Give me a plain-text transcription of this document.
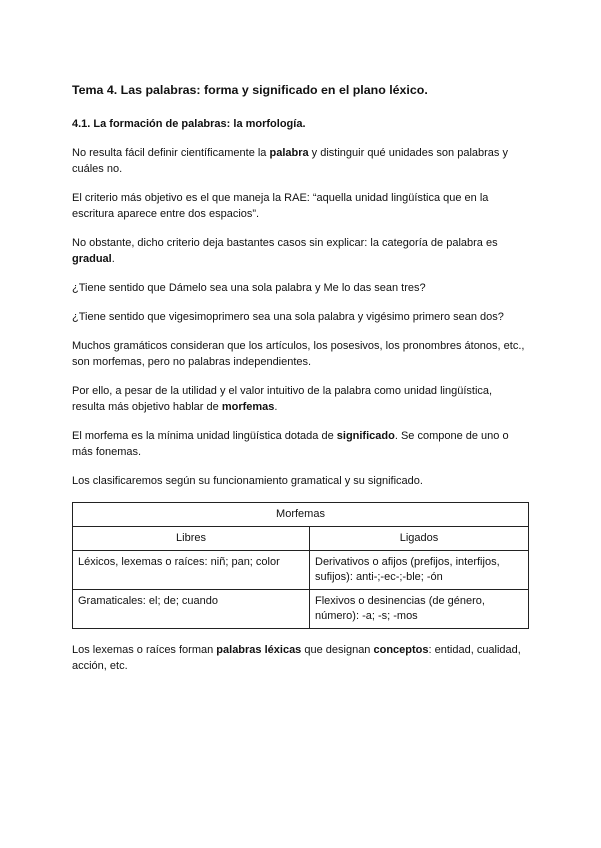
Tema 4. Las palabras: forma y significado en el plano léxico.
4.1. La formación de palabras: la morfología.

No resulta fácil definir científicamente la palabra y distinguir qué unidades son palabras y cuáles no.

El criterio más objetivo es el que maneja la RAE: “aquella unidad lingüística que en la escritura aparece entre dos espacios”.

No obstante, dicho criterio deja bastantes casos sin explicar: la categoría de palabra es gradual.

¿Tiene sentido que Dámelo sea una sola palabra y Me lo das sean tres?

¿Tiene sentido que vigesimoprimero sea una sola palabra y vigésimo primero sean dos?

Muchos gramáticos consideran que los artículos, los posesivos, los pronombres átonos, etc., son morfemas, pero no palabras independientes.

Por ello, a pesar de la utilidad y el valor intuitivo de la palabra como unidad lingüística, resulta más objetivo hablar de morfemas.

El morfema es la mínima unidad lingüística dotada de significado. Se compone de uno o más fonemas.

Los clasificaremos según su funcionamiento gramatical y su significado.

Morfemas	
Libres	Ligados
Léxicos, lexemas o raíces: niñ; pan; color	Derivativos o afijos (prefijos, interfijos, sufijos): anti-;-ec-;-ble; -ón
Gramaticales: el; de; cuando	Flexivos o desinencias (de género, número): -a; -s; -mos

Los lexemas o raíces forman palabras léxicas que designan conceptos: entidad, cualidad, acción, etc.
